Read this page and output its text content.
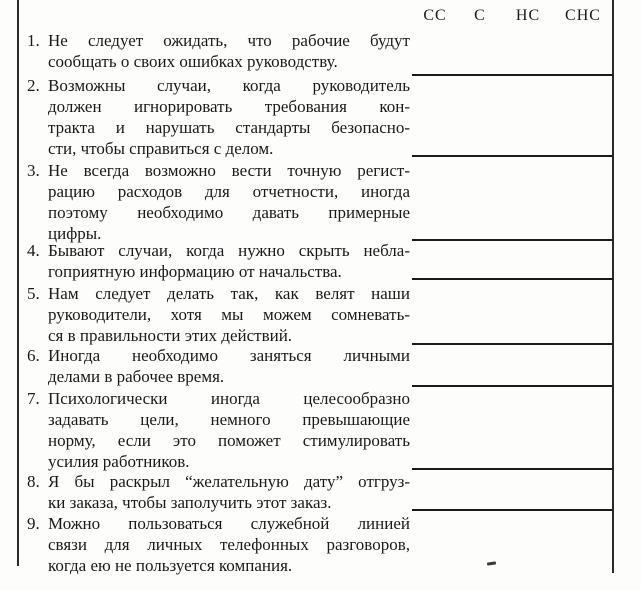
СС С НС СНС
1. Не следует ожидать, что рабочие будут
сообщать о своих ошибках руководству.
2. Возможны случаи, когда руководитель
должен игнорировать требования кон-
тракта и нарушать стандарты безопасно-
сти, чтобы справиться с делом.
3. Не всегда возможно вести точную регист-
рацию расходов для отчетности, иногда
поэтому необходимо давать примерные
цифры.
4. Бывают случаи, когда нужно скрыть небла-
гоприятную информацию от начальства.
5. Нам следует делать так, как велят наши
руководители, хотя мы можем сомневать-
ся в правильности этих действий.
6. Иногда необходимо заняться личными
делами в рабочее время.
7. Психологически иногда целесообразно
задавать цели, немного превышающие
норму, если это поможет стимулировать
усилия работников.
8. Я бы раскрыл “желательную дату” отгруз-
ки заказа, чтобы заполучить этот заказ.
9. Можно пользоваться служебной линией
связи для личных телефонных разговоров,
когда ею не пользуется компания.
